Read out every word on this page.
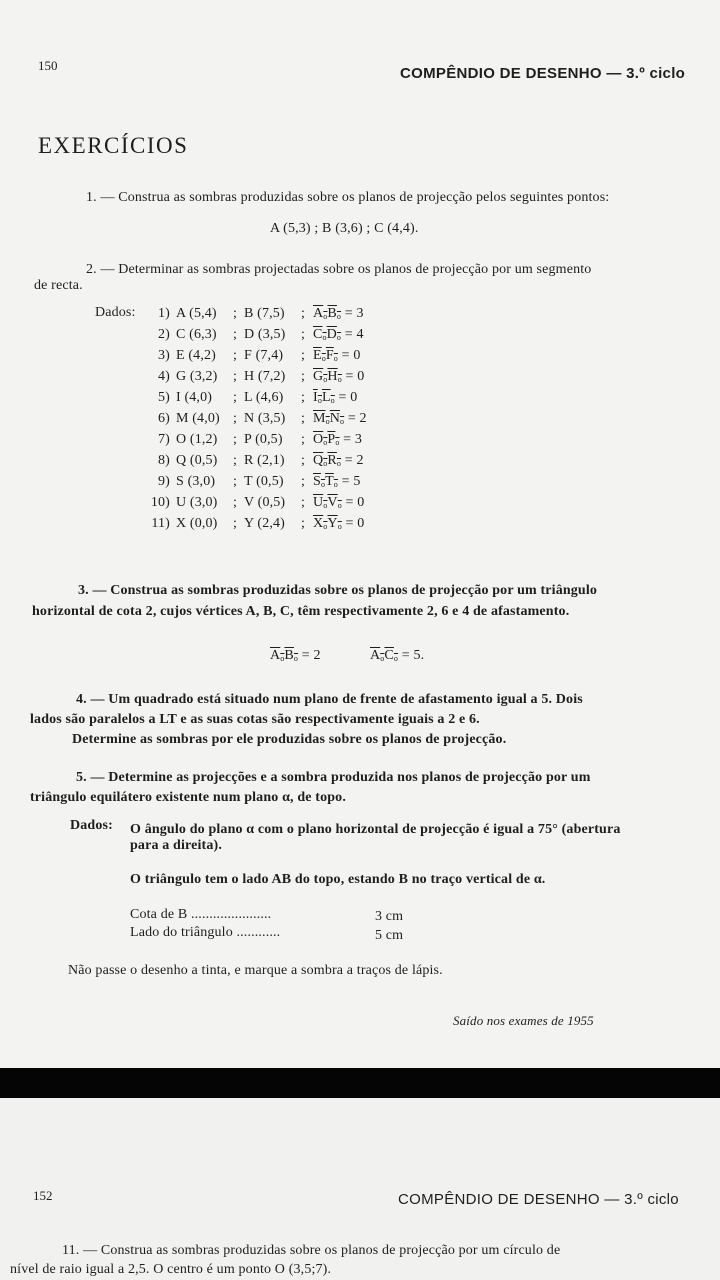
150	COMPÊNDIO DE DESENHO — 3.º ciclo
EXERCÍCIOS
1. — Construa as sombras produzidas sobre os planos de projecção pelos seguintes pontos:
A (5,3) ; B (3,6) ; C (4,4).
2. — Determinar as sombras projectadas sobre os planos de projecção por um segmento
de recta.
Dados:
3. — Construa as sombras produzidas sobre os planos de projecção por um triângulo
horizontal de cota 2, cujos vértices A, B, C, têm respectivamente 2, 6 e 4 de afastamento.
$A_oB_o = 2$	$A_oC_o = 5$.
4. — Um quadrado está situado num plano de frente de afastamento igual a 5. Dois
lados são paralelos a LT e as suas cotas são respectivamente iguais a 2 e 6.
Determine as sombras por ele produzidas sobre os planos de projecção.
5. — Determine as projecções e a sombra produzida nos planos de projecção por um
triângulo equilátero existente num plano α, de topo.
Dados: O ângulo do plano α com o plano horizontal de projecção é igual a 75° (abertura
para a direita).
O triângulo tem o lado AB do topo, estando B no traço vertical de α.
Cota de B ......................	3 cm
Lado do triângulo ............	5 cm
Não passe o desenho a tinta, e marque a sombra a traços de lápis.
Saído nos exames de 1955
1) A (5,4) ; B (7,5) ; $A_oB_o = 3$
2) C (6,3) ; D (3,5) ; $C_oD_o = 4$
3) E (4,2) ; F (7,4) ; $E_oF_o = 0$
4) G (3,2) ; H (7,2) ; $G_oH_o = 0$
5) I (4,0) ; L (4,6) ; $I_oL_o = 0$
6) M (4,0) ; N (3,5) ; $M_oN_o = 2$
7) O (1,2) ; P (0,5) ; $O_oP_o = 3$
8) Q (0,5) ; R (2,1) ; $Q_oR_o = 2$
9) S (3,0) ; T (0,5) ; $S_oT_o = 5$
10) U (3,0) ; V (0,5) ; $U_oV_o = 0$
11) X (0,0) ; Y (2,4) ; $X_oY_o = 0$
152	COMPÊNDIO DE DESENHO — 3.º ciclo
11. — Construa as sombras produzidas sobre os planos de projecção por um círculo de
nível de raio igual a 2,5. O centro é um ponto O (3,5;7).
